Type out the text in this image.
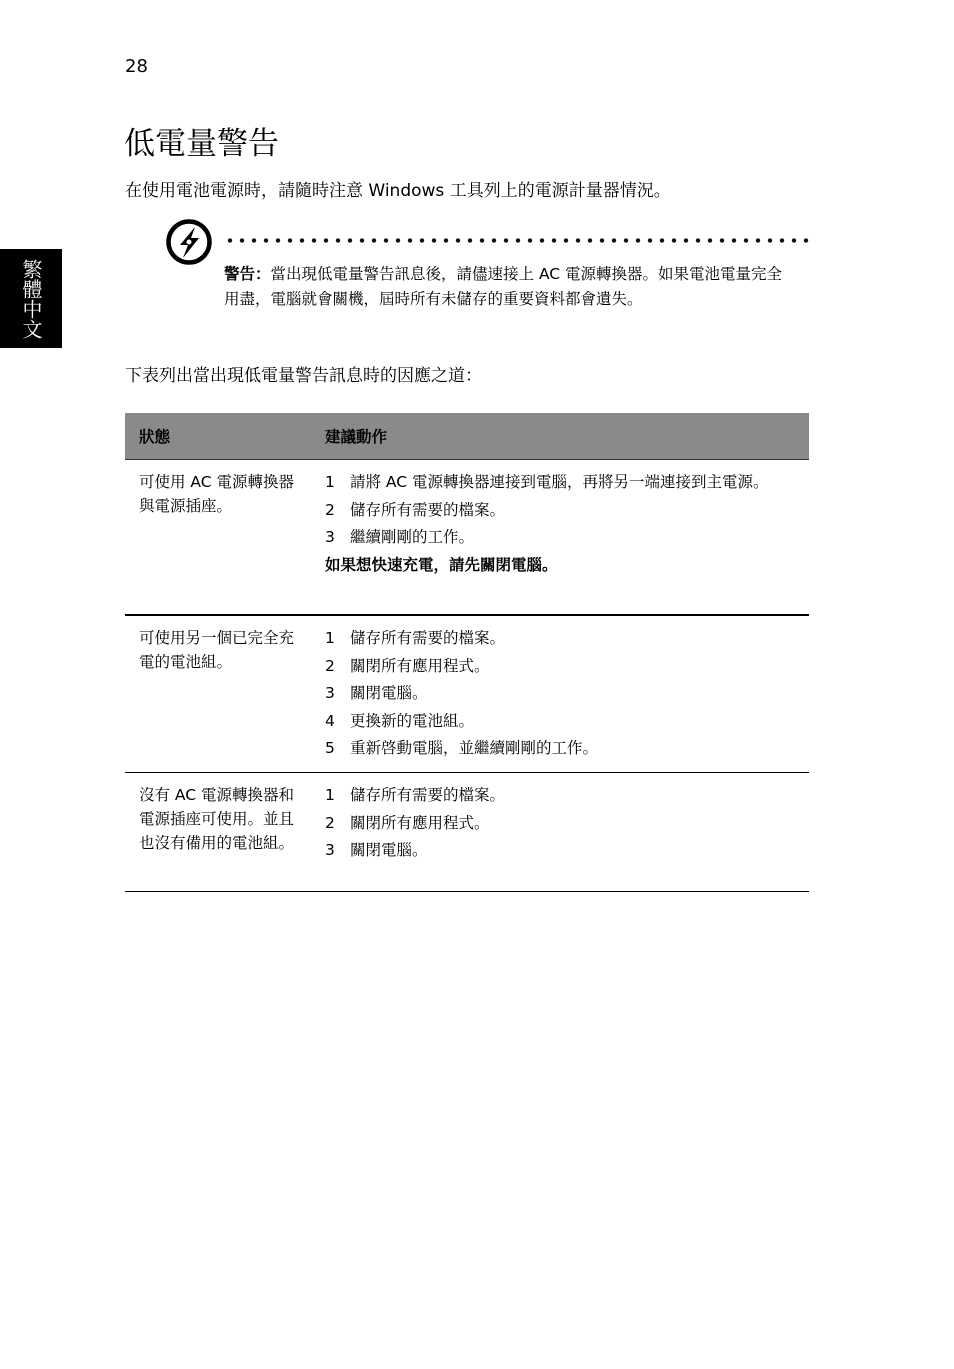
28
繁體中文
低電量警告
在使用電池電源時，請隨時注意 Windows 工具列上的電源計量器情況。
警告：當出現低電量警告訊息後，請儘速接上 AC 電源轉換器。如果電池電量完全用盡，電腦就會關機，屆時所有未儲存的重要資料都會遺失。
下表列出當出現低電量警告訊息時的因應之道：
狀態	建議動作
可使用 AC 電源轉換器與電源插座。
1 請將 AC 電源轉換器連接到電腦，再將另一端連接到主電源。
2 儲存所有需要的檔案。
3 繼續剛剛的工作。
如果想快速充電，請先關閉電腦。
可使用另一個已完全充電的電池組。
1 儲存所有需要的檔案。
2 關閉所有應用程式。
3 關閉電腦。
4 更換新的電池組。
5 重新啓動電腦，並繼續剛剛的工作。
沒有 AC 電源轉換器和電源插座可使用。並且也沒有備用的電池組。
1 儲存所有需要的檔案。
2 關閉所有應用程式。
3 關閉電腦。
